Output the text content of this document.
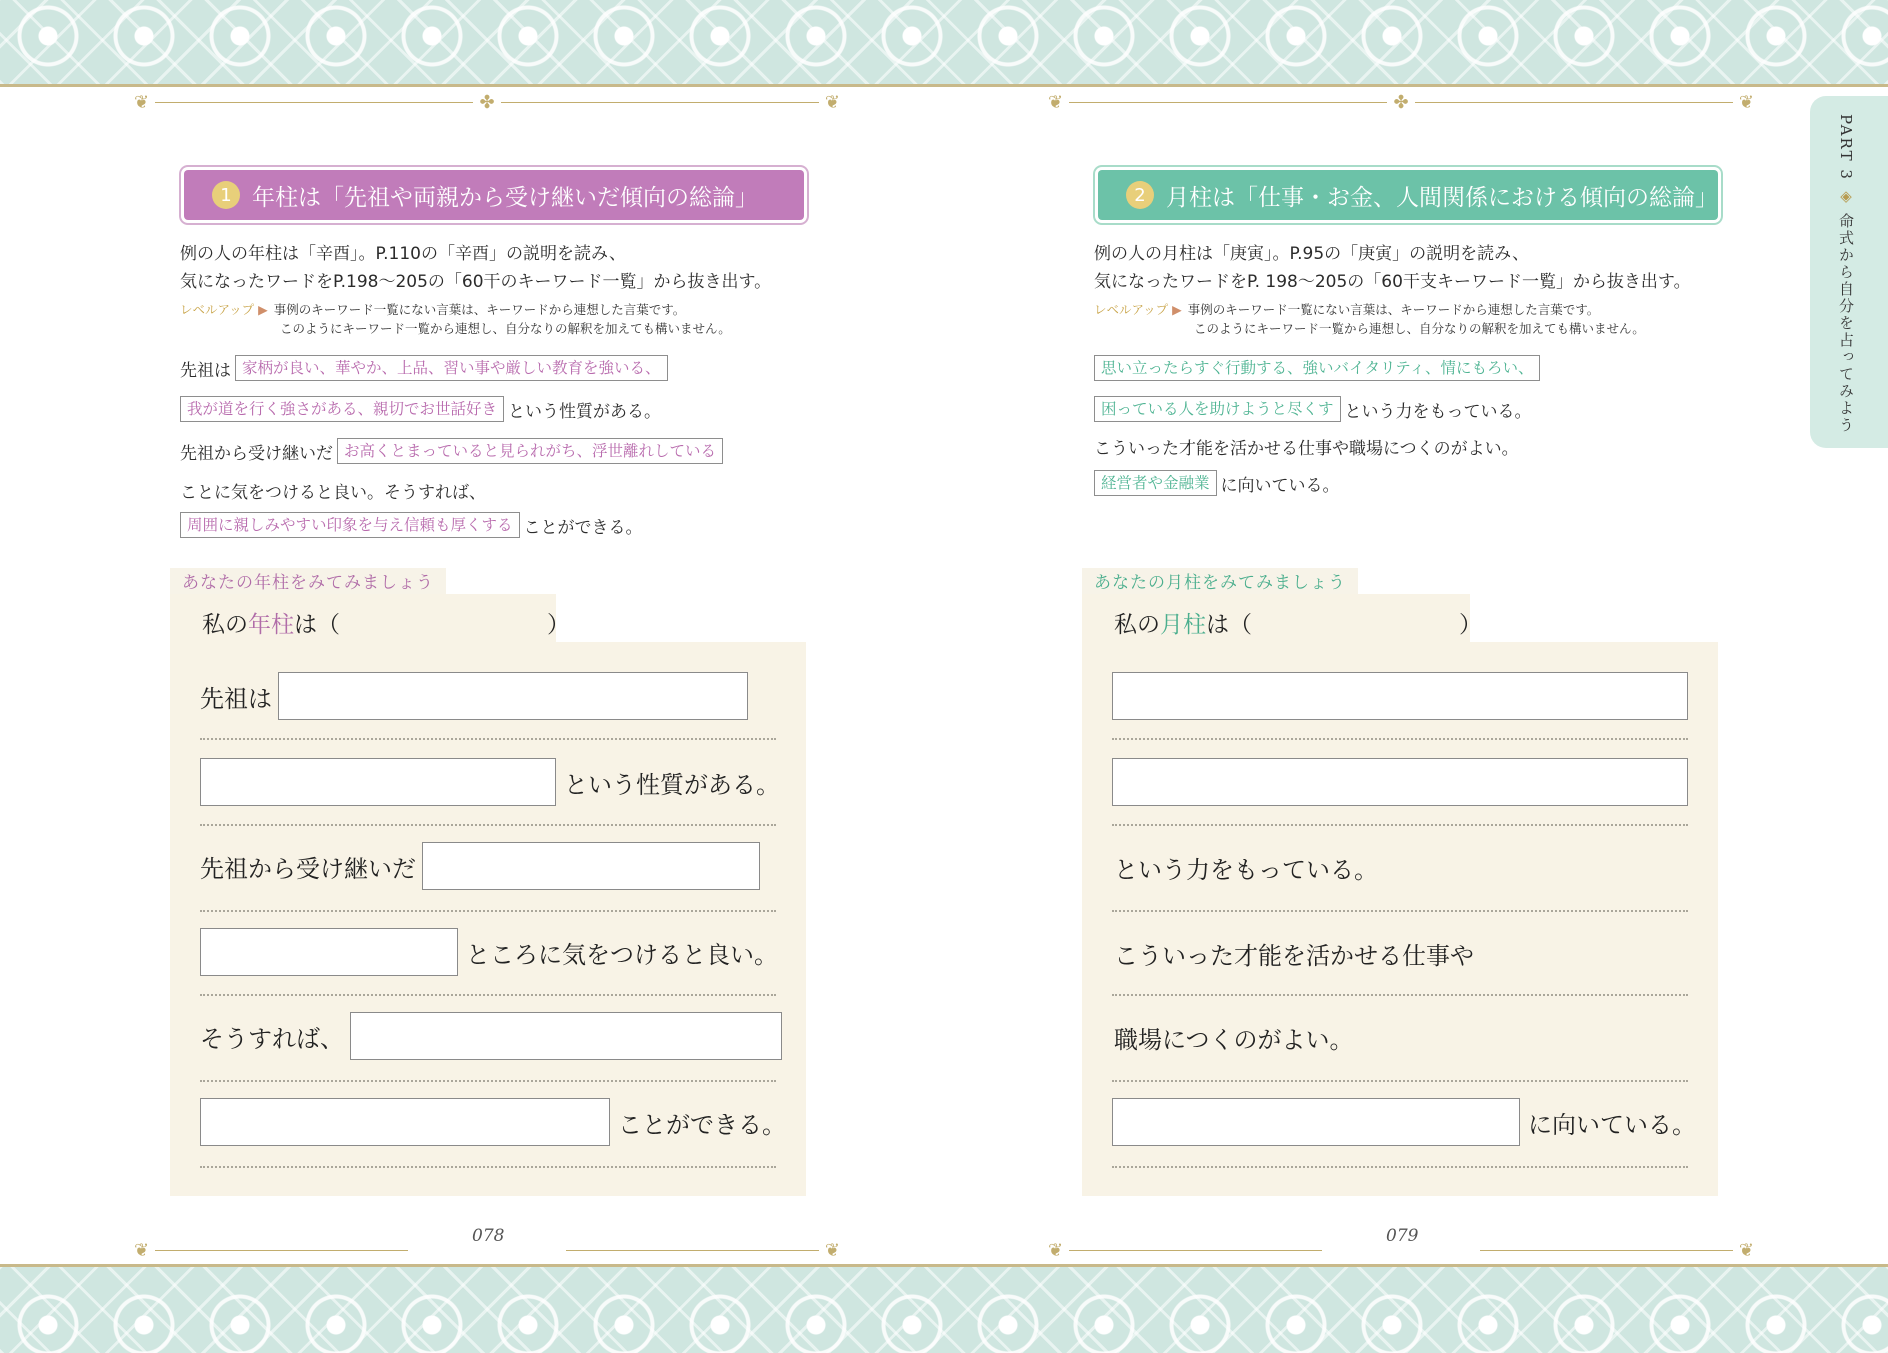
❦	✤	❦	❦	✤	❦
❦	❦	❦	❦
PART 3◈命式から自分を占ってみよう
1 年柱は「先祖や両親から受け継いだ傾向の総論」
例の人の年柱は「辛酉」。P.110の「辛酉」の説明を読み、
気になったワードをP.198〜205の「60干のキーワード一覧」から抜き出す。
レベルアップ ▶ 事例のキーワード一覧にない言葉は、キーワードから連想した言葉です。
このようにキーワード一覧から連想し、自分なりの解釈を加えても構いません。
先祖は 家柄が良い、華やか、上品、習い事や厳しい教育を強いる、
我が道を行く強さがある、親切でお世話好き という性質がある。
先祖から受け継いだ お高くとまっていると見られがち、浮世離れしている
ことに気をつけると良い。そうすれば、
周囲に親しみやすい印象を与え信頼も厚くする ことができる。
あなたの年柱をみてみましょう
私の年柱は（　　　　　　　　　）
先祖は
という性質がある。
先祖から受け継いだ
ところに気をつけると良い。
そうすれば、
ことができる。
078
2 月柱は「仕事・お金、人間関係における傾向の総論」
例の人の月柱は「庚寅」。P.95の「庚寅」の説明を読み、
気になったワードをP. 198〜205の「60干支キーワード一覧」から抜き出す。
レベルアップ ▶ 事例のキーワード一覧にない言葉は、キーワードから連想した言葉です。
このようにキーワード一覧から連想し、自分なりの解釈を加えても構いません。
思い立ったらすぐ行動する、強いバイタリティ、情にもろい、
困っている人を助けようと尽くす という力をもっている。
こういった才能を活かせる仕事や職場につくのがよい。
経営者や金融業 に向いている。
あなたの月柱をみてみましょう
私の月柱は（　　　　　　　　　）
という力をもっている。
こういった才能を活かせる仕事や
職場につくのがよい。
に向いている。
079
